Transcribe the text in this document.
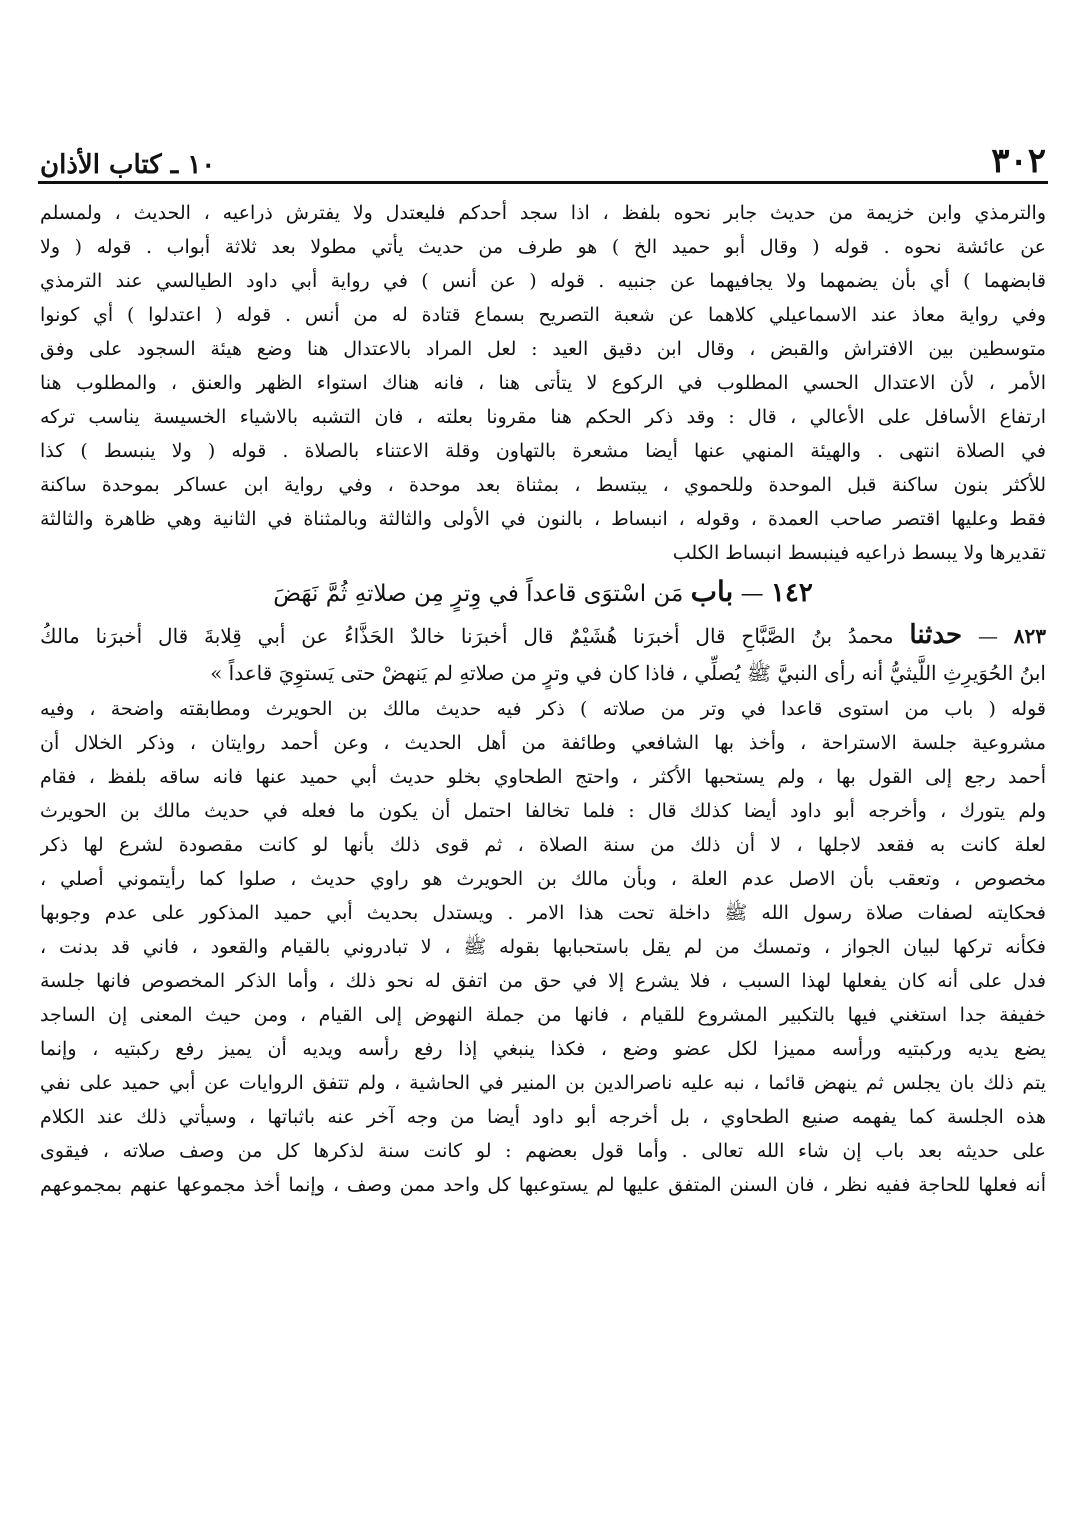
٣٠٢
١٠ ـ كتاب الأذان
والترمذي وابن خزيمة من حديث جابر نحوه بلفظ ، اذا سجد أحدكم فليعتدل ولا يفترش ذراعيه ، الحديث ، ولمسلم
عن عائشة نحوه . قوله ( وقال أبو حميد الخ ) هو طرف من حديث يأتي مطولا بعد ثلاثة أبواب . قوله ( ولا
قابضهما ) أي بأن يضمهما ولا يجافيهما عن جنبيه . قوله ( عن أنس ) في رواية أبي داود الطيالسي عند الترمذي
وفي رواية معاذ عند الاسماعيلي كلاهما عن شعبة التصريح بسماع قتادة له من أنس . قوله ( اعتدلوا ) أي كونوا
متوسطين بين الافتراش والقبض ، وقال ابن دقيق العيد : لعل المراد بالاعتدال هنا وضع هيئة السجود على وفق
الأمر ، لأن الاعتدال الحسي المطلوب في الركوع لا يتأتى هنا ، فانه هناك استواء الظهر والعنق ، والمطلوب هنا
ارتفاع الأسافل على الأعالي ، قال : وقد ذكر الحكم هنا مقرونا بعلته ، فان التشبه بالاشياء الخسيسة يناسب تركه
في الصلاة انتهى . والهيئة المنهي عنها أيضا مشعرة بالتهاون وقلة الاعتناء بالصلاة . قوله ( ولا ينبسط ) كذا
للأكثر بنون ساكنة قبل الموحدة وللحموي ، يبتسط ، بمثناة بعد موحدة ، وفي رواية ابن عساكر بموحدة ساكنة
فقط وعليها اقتصر صاحب العمدة ، وقوله ، انبساط ، بالنون في الأولى والثالثة وبالمثناة في الثانية وهي ظاهرة والثالثة
تقديرها ولا يبسط ذراعيه فينبسط انبساط الكلب
١٤٢ — باب مَن اسْتوَى قاعداً في وِترٍ مِن صلاتهِ ثُمَّ نَهَضَ
٨٢٣ — حدثنا محمدُ بنُ الصَّبَّاحِ قال أخبرَنا هُشَيْمٌ قال أخبرَنا خالدٌ الحَذَّاءُ عن أبي قِلابةَ قال أخبرَنا مالكُ
ابنُ الحُوَيرِثِ اللَّيثيُّ أنه رأى النبيَّ ﷺ يُصلِّي ، فاذا كان في وترٍ من صلاتهِ لم يَنهضْ حتى يَستوِيَ قاعداً »
قوله ( باب من استوى قاعدا في وتر من صلاته ) ذكر فيه حديث مالك بن الحويرث ومطابقته واضحة ، وفيه
مشروعية جلسة الاستراحة ، وأخذ بها الشافعي وطائفة من أهل الحديث ، وعن أحمد روايتان ، وذكر الخلال أن
أحمد رجع إلى القول بها ، ولم يستحبها الأكثر ، واحتج الطحاوي بخلو حديث أبي حميد عنها فانه ساقه بلفظ ، فقام
ولم يتورك ، وأخرجه أبو داود أيضا كذلك قال : فلما تخالفا احتمل أن يكون ما فعله في حديث مالك بن الحويرث
لعلة كانت به فقعد لاجلها ، لا أن ذلك من سنة الصلاة ، ثم قوى ذلك بأنها لو كانت مقصودة لشرع لها ذكر
مخصوص ، وتعقب بأن الاصل عدم العلة ، وبأن مالك بن الحويرث هو راوي حديث ، صلوا كما رأيتموني أصلي ،
فحكايته لصفات صلاة رسول الله ﷺ داخلة تحت هذا الامر . ويستدل بحديث أبي حميد المذكور على عدم وجوبها
فكأنه تركها لبيان الجواز ، وتمسك من لم يقل باستحبابها بقوله ﷺ ، لا تبادروني بالقيام والقعود ، فاني قد بدنت ،
فدل على أنه كان يفعلها لهذا السبب ، فلا يشرع إلا في حق من اتفق له نحو ذلك ، وأما الذكر المخصوص فانها جلسة
خفيفة جدا استغني فيها بالتكبير المشروع للقيام ، فانها من جملة النهوض إلى القيام ، ومن حيث المعنى إن الساجد
يضع يديه وركبتيه ورأسه مميزا لكل عضو وضع ، فكذا ينبغي إذا رفع رأسه ويديه أن يميز رفع ركبتيه ، وإنما
يتم ذلك بان يجلس ثم ينهض قائما ، نبه عليه ناصرالدين بن المنير في الحاشية ، ولم تتفق الروايات عن أبي حميد على نفي
هذه الجلسة كما يفهمه صنيع الطحاوي ، بل أخرجه أبو داود أيضا من وجه آخر عنه باثباتها ، وسيأتي ذلك عند الكلام
على حديثه بعد باب إن شاء الله تعالى . وأما قول بعضهم : لو كانت سنة لذكرها كل من وصف صلاته ، فيقوى
أنه فعلها للحاجة ففيه نظر ، فان السنن المتفق عليها لم يستوعبها كل واحد ممن وصف ، وإنما أخذ مجموعها عنهم بمجموعهم
